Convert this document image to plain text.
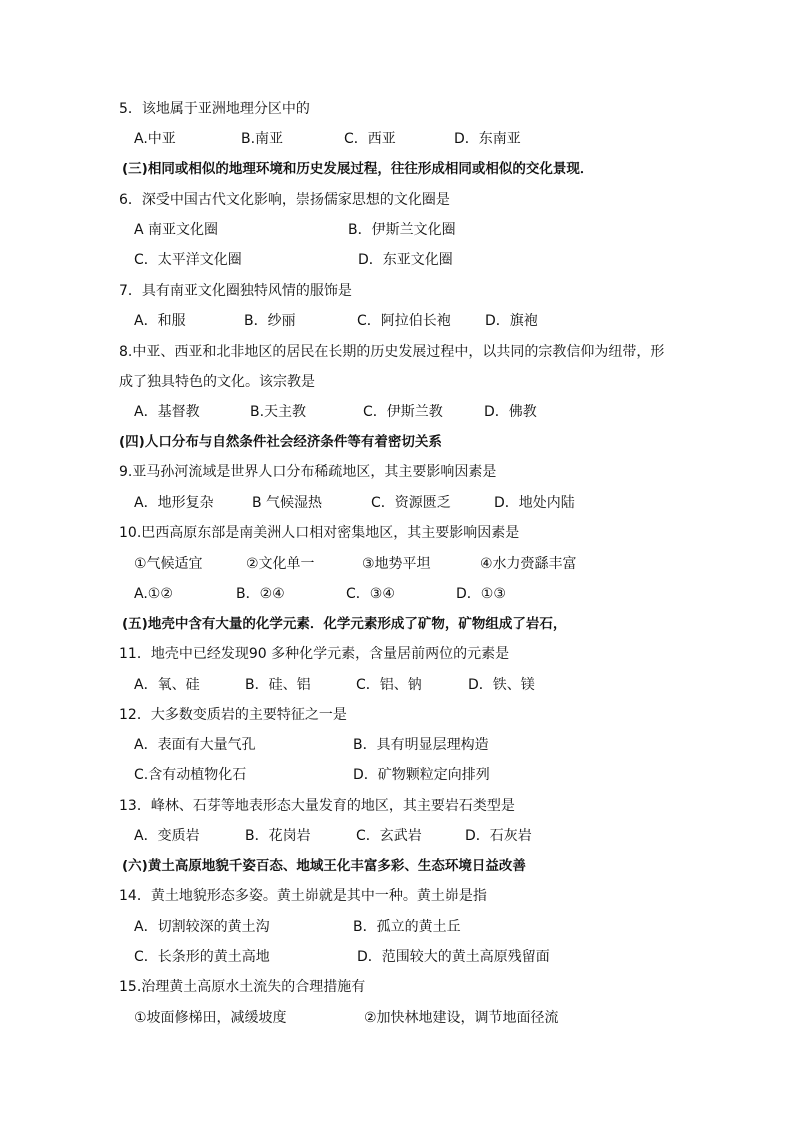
5．该地属于亚洲地理分区中的
A.中亚	B.南亚	C．西亚	D．东南亚
(三)相同或相似的地理环境和历史发展过程，往往形成相同或相似的交化景现．
6．深受中国古代文化影响，崇扬儒家思想的文化圈是
A 南亚文化圈	B．伊斯兰文化圈
C．太平洋文化圈	D．东亚文化圈
7．具有南亚文化圈独特风情的服饰是
A．和服	B．纱丽	C．阿拉伯长袍 D．旗袍
8.中亚、西亚和北非地区的居民在长期的历史发展过程中，以共同的宗教信仰为纽带，形
成了独具特色的文化。该宗教是
A．基督教	B.天主教	C．伊斯兰教	D．佛教
(四)人口分布与自然条件社会经济条件等有着密切关系
9.亚马孙河流域是世界人口分布稀疏地区，其主要影响因素是
A．地形复杂	B 气候湿热	C．资源匮乏	D．地处内陆
10.巴西高原东部是南美洲人口相对密集地区，其主要影响因素是
①气候适宜	②文化单一	③地势平坦	④水力赍繇丰富
A.①②	B．②④	C．③④	D．①③
(五)地壳中含有大量的化学元素．化学元素形成了矿物，矿物组成了岩石，
11．地壳中已经发现90 多种化学元素，含量居前两位的元素是
A．氧、硅	B．硅、铝	C．铝、钠	D．铁、镁
12．大多数变质岩的主要特征之一是
A．表面有大量气孔	B．具有明显层理构造
C.含有动植物化石	D．矿物颗粒定向排列
13．峰林、石芽等地表形态大量发育的地区，其主要岩石类型是
A．变质岩	B．花岗岩	C．玄武岩	D．石灰岩
(六)黄土高原地貌千姿百态、地域王化丰富多彩、生态环境日益改善
14．黄土地貌形态多姿。黄土峁就是其中一种。黄土峁是指
A．切割较深的黄土沟	B．孤立的黄土丘
C．长条形的黄土高地	D．范围较大的黄土高原残留面
15.治理黄土高原水土流失的合理措施有
①坡面修梯田，减缓坡度	②加快林地建设，调节地面径流
